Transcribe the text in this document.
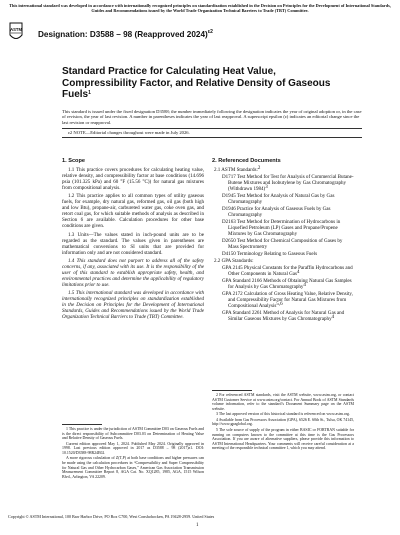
This international standard was developed in accordance with internationally recognized principles on standardization established in the Decision on Principles for the Development of International Standards, Guides and Recommendations issued by the World Trade Organization Technical Barriers to Trade (TBT) Committee.
ASTM
Designation: D3588 – 98 (Reapproved 2024)$^{\varepsilon 2}$
Standard Practice for Calculating Heat Value, Compressibility Factor, and Relative Density of Gaseous Fuels$^1$

This standard is issued under the fixed designation D3588; the number immediately following the designation indicates the year of original adoption or, in the case of revision, the year of last revision. A number in parentheses indicates the year of last reapproval. A superscript epsilon (ε) indicates an editorial change since the last revision or reapproval.

ε2 NOTE—Editorial changes throughout were made in July 2026.

1. Scope

1.1 This practice covers procedures for calculating heating value, relative density, and compressibility factor at base conditions (14.696 psia (101.325 kPa) and 60 °F (15.56 °C)) for natural gas mixtures from compositional analysis.

1.2 This practice applies to all common types of utility gaseous fuels, for example, dry natural gas, reformed gas, oil gas (both high and low Btu), propane-air, carbureted water gas, coke oven gas, and retort coal gas, for which suitable methods of analysis as described in Section 6 are available. Calculation procedures for other base conditions are given.

1.3 Units—The values stated in inch-pound units are to be regarded as the standard. The values given in parentheses are mathematical conversions to SI units that are provided for information only and are not considered standard.

1.4 This standard does not purport to address all of the safety concerns, if any, associated with its use. It is the responsibility of the user of this standard to establish appropriate safety, health, and environmental practices and determine the applicability of regulatory limitations prior to use.

1.5 This international standard was developed in accordance with internationally recognized principles on standardization established in the Decision on Principles for the Development of International Standards, Guides and Recommendations issued by the World Trade Organization Technical Barriers to Trade (TBT) Committee.

1 This practice is under the jurisdiction of ASTM Committee D03 on Gaseous Fuels and is the direct responsibility of Subcommittee D03.03 on Determination of Heating Value and Relative Density of Gaseous Fuels.

Current edition approved May 1, 2024. Published May 2024. Originally approved in 1998. Last previous edition approved in 2017 as D3588 – 98 (2017)ε1. DOI: 10.1520/D3588-98R24E02.

A more rigorous calculation of Z(T,P) at both base conditions and higher pressures can be made using the calculation procedures in “Compressibility and Super Compressibility for Natural Gas and Other Hydrocarbon Gases,” American Gas Association Transmission Measurement Committee Report 8, AGA Cat. No. XQ1285, 1985, AGA, 1515 Wilson Blvd., Arlington, VA 22209.

2. Referenced Documents
2.1 ASTM Standards:2
D1717 Test Method for Test for Analysis of Commercial Butane-Butene Mixtures and Isobutylene by Gas Chromatography (Withdrawn 1984)3
D1945 Test Method for Analysis of Natural Gas by Gas Chromatography
D1946 Practice for Analysis of Gaseous Fuels by Gas Chromatography
D2163 Test Method for Determination of Hydrocarbons in Liquefied Petroleum (LP) Gases and Propane/Propene Mixtures by Gas Chromatography
D2650 Test Method for Chemical Composition of Gases by Mass Spectrometry
D4150 Terminology Relating to Gaseous Fuels
2.2 GPA Standards:
GPA 2145 Physical Constants for the Paraffin Hydrocarbons and Other Components in Natural Gas4
GPA Standard 2166 Methods of Obtaining Natural Gas Samples for Analysis by Gas Chromatography4
GPA 2172 Calculation of Gross Heating Value, Relative Density, and Compressibility Factor for Natural Gas Mixtures from Compositional Analysis5,6
GPA Standard 2261 Method of Analysis for Natural Gas and Similar Gaseous Mixtures by Gas Chromatography4

2 For referenced ASTM standards, visit the ASTM website, www.astm.org, or contact ASTM Customer Service at www.astm.org/contact. For Annual Book of ASTM Standards volume information, refer to the standard’s Document Summary page on the ASTM website.

3 The last approved version of this historical standard is referenced on www.astm.org.

4 Available from Gas Processors Association (GPA), 6526 E. 60th St., Tulsa, OK 74145, http://www.gpaglobal.org.

5 The sole source of supply of the program in either BASIC or FORTRAN suitable for running on computers known to the committee at this time is the Gas Processors Association. If you are aware of alternative suppliers, please provide this information to ASTM International Headquarters. Your comments will receive careful consideration at a meeting of the responsible technical committee 1, which you may attend.

Copyright © ASTM International, 100 Barr Harbor Drive, PO Box C700, West Conshohocken, PA 19428-2959. United States
1
